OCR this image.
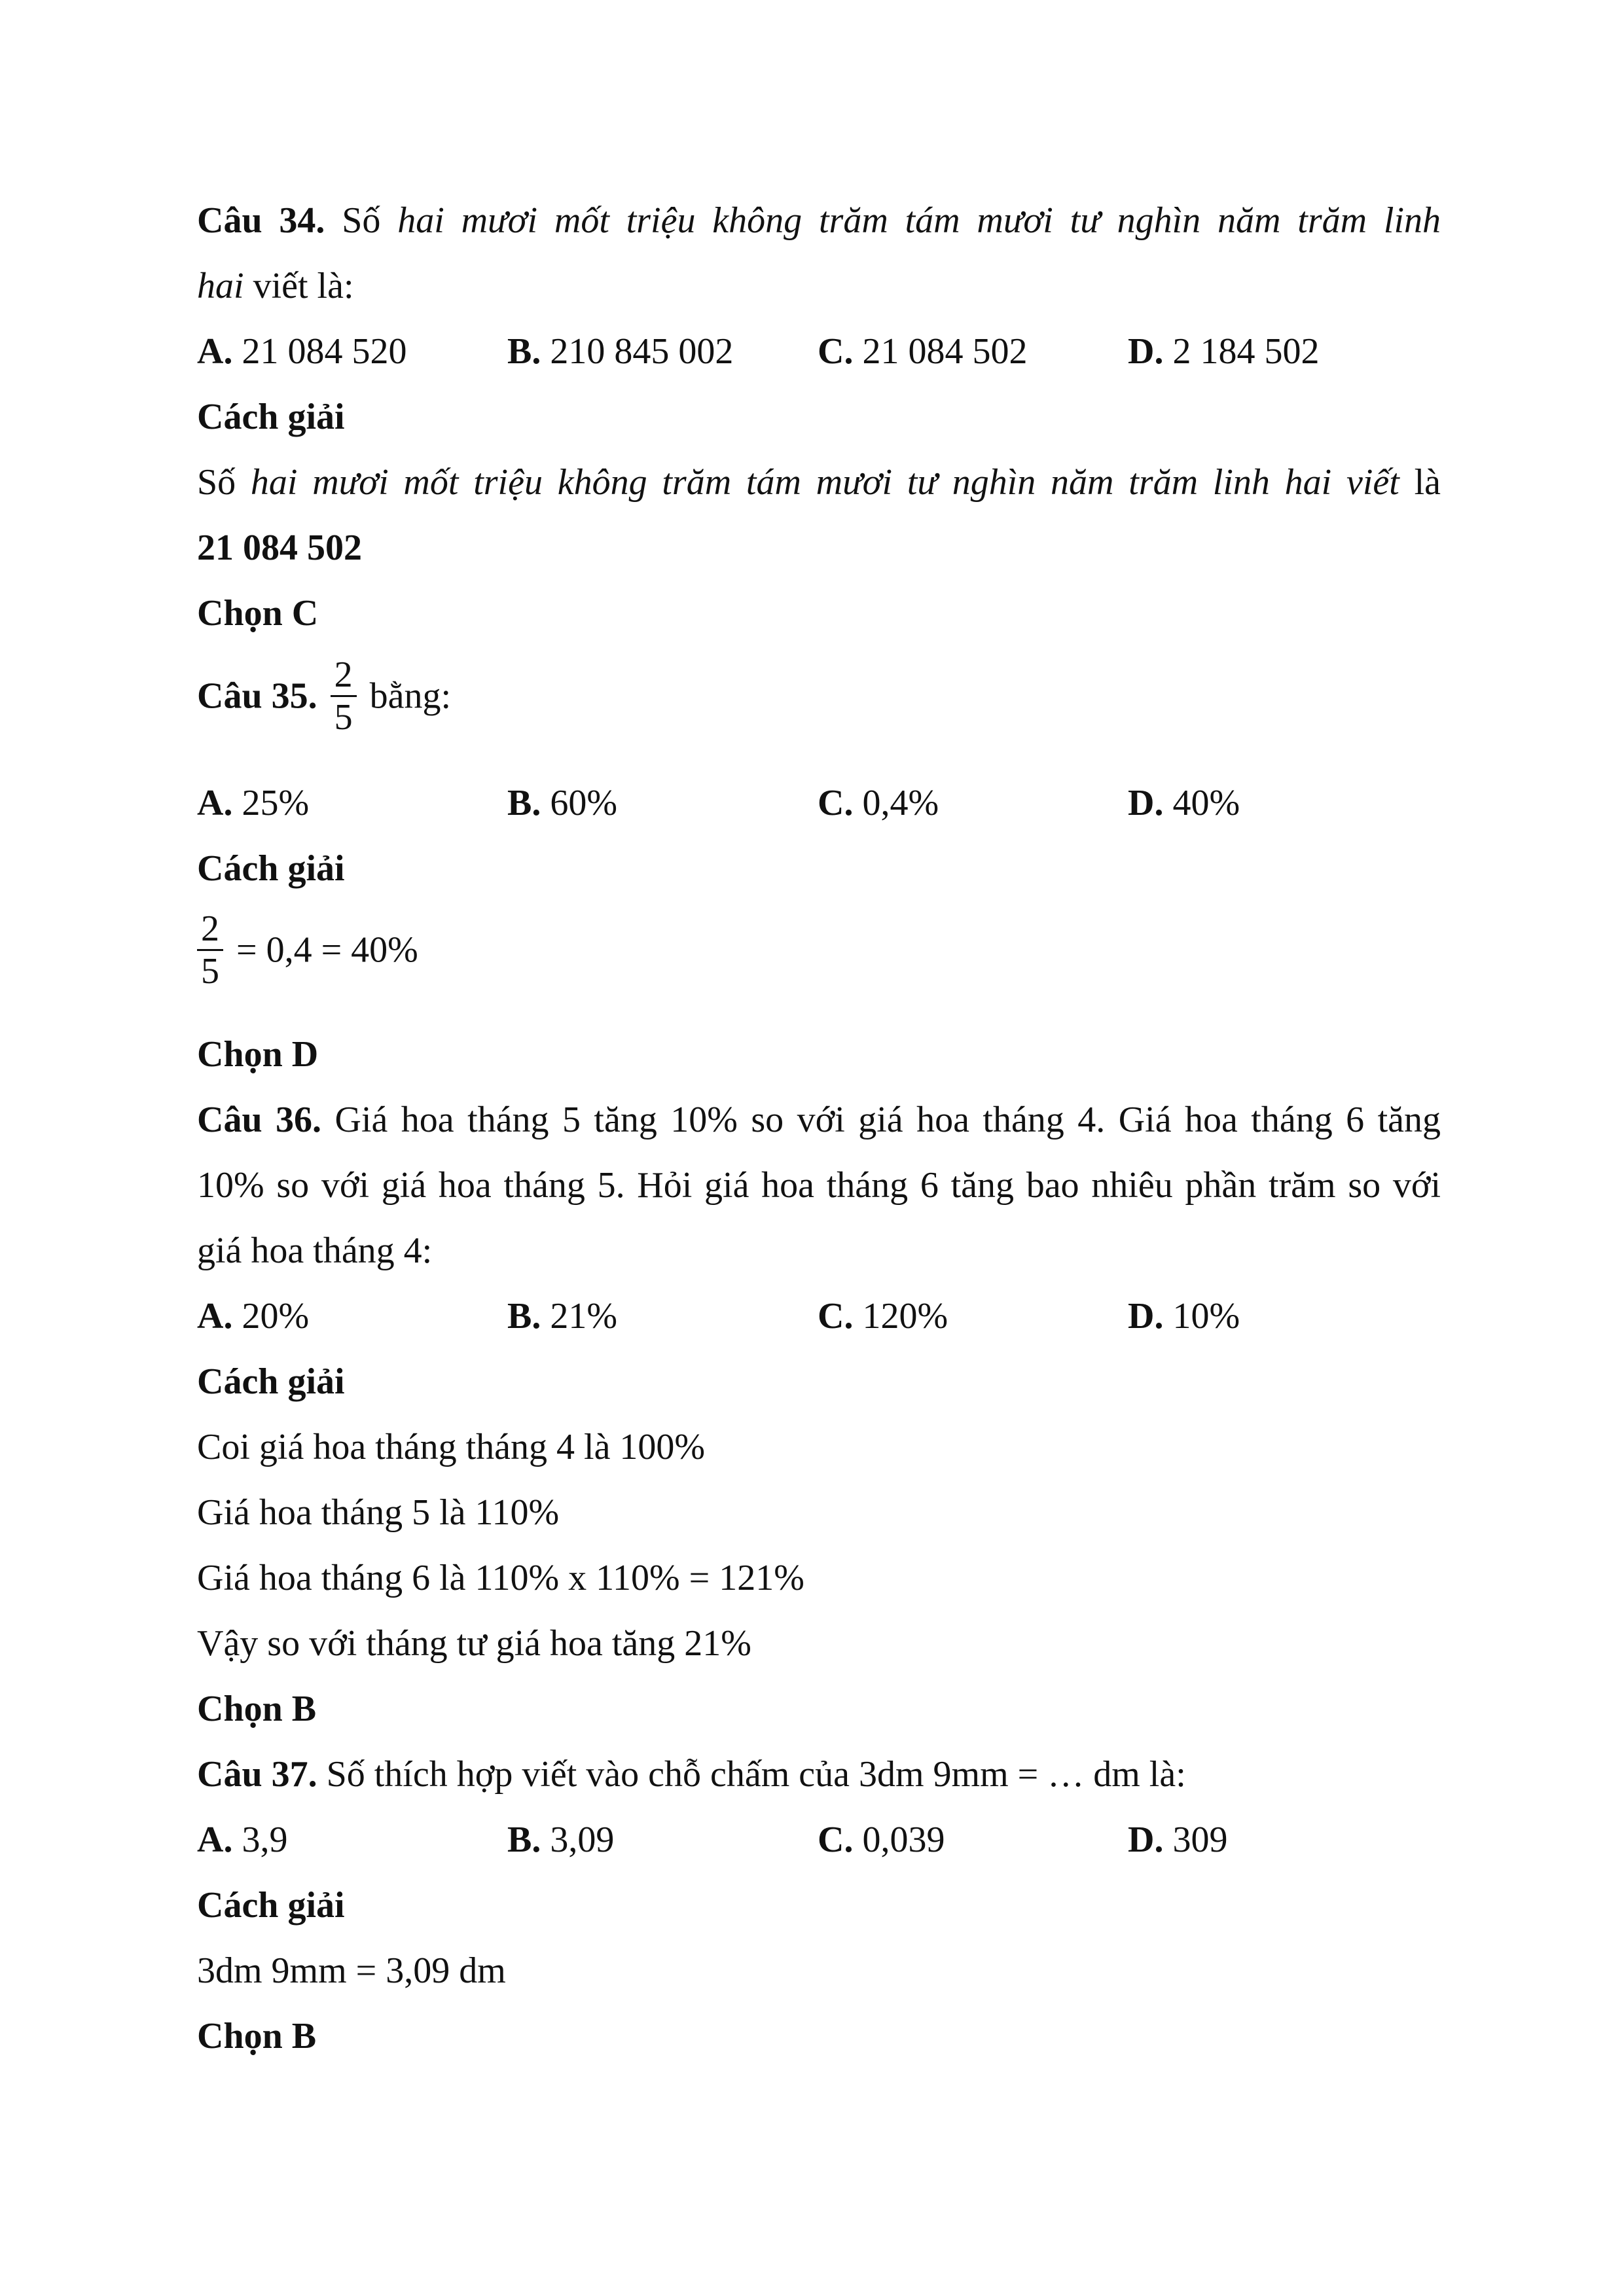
Câu 34. Số hai mươi mốt triệu không trăm tám mươi tư nghìn năm trăm linh
hai viết là:
A. 21 084 520	B. 210 845 002 C. 21 084 502	D. 2 184 502
Cách giải
Số hai mươi mốt triệu không trăm tám mươi tư nghìn năm trăm linh hai viết là
21 084 502
Chọn C
Câu 35. $\frac{2}{5}$ bằng:
A. 25%	B. 60%	C. 0,4%	D. 40%
Cách giải
$\frac{2}{5} = 0,4 = 40\%$
Chọn D
Câu 36. Giá hoa tháng 5 tăng 10% so với giá hoa tháng 4. Giá hoa tháng 6 tăng
10% so với giá hoa tháng 5. Hỏi giá hoa tháng 6 tăng bao nhiêu phần trăm so với
giá hoa tháng 4:
A. 20%	B. 21%	C. 120%	D. 10%
Cách giải
Coi giá hoa tháng tháng 4 là 100%
Giá hoa tháng 5 là 110%
Giá hoa tháng 6 là 110% x 110% = 121%
Vậy so với tháng tư giá hoa tăng 21%
Chọn B
Câu 37. Số thích hợp viết vào chỗ chấm của 3dm 9mm = … dm là:
A. 3,9	B. 3,09	C. 0,039	D. 309
Cách giải
3dm 9mm = 3,09 dm
Chọn B
